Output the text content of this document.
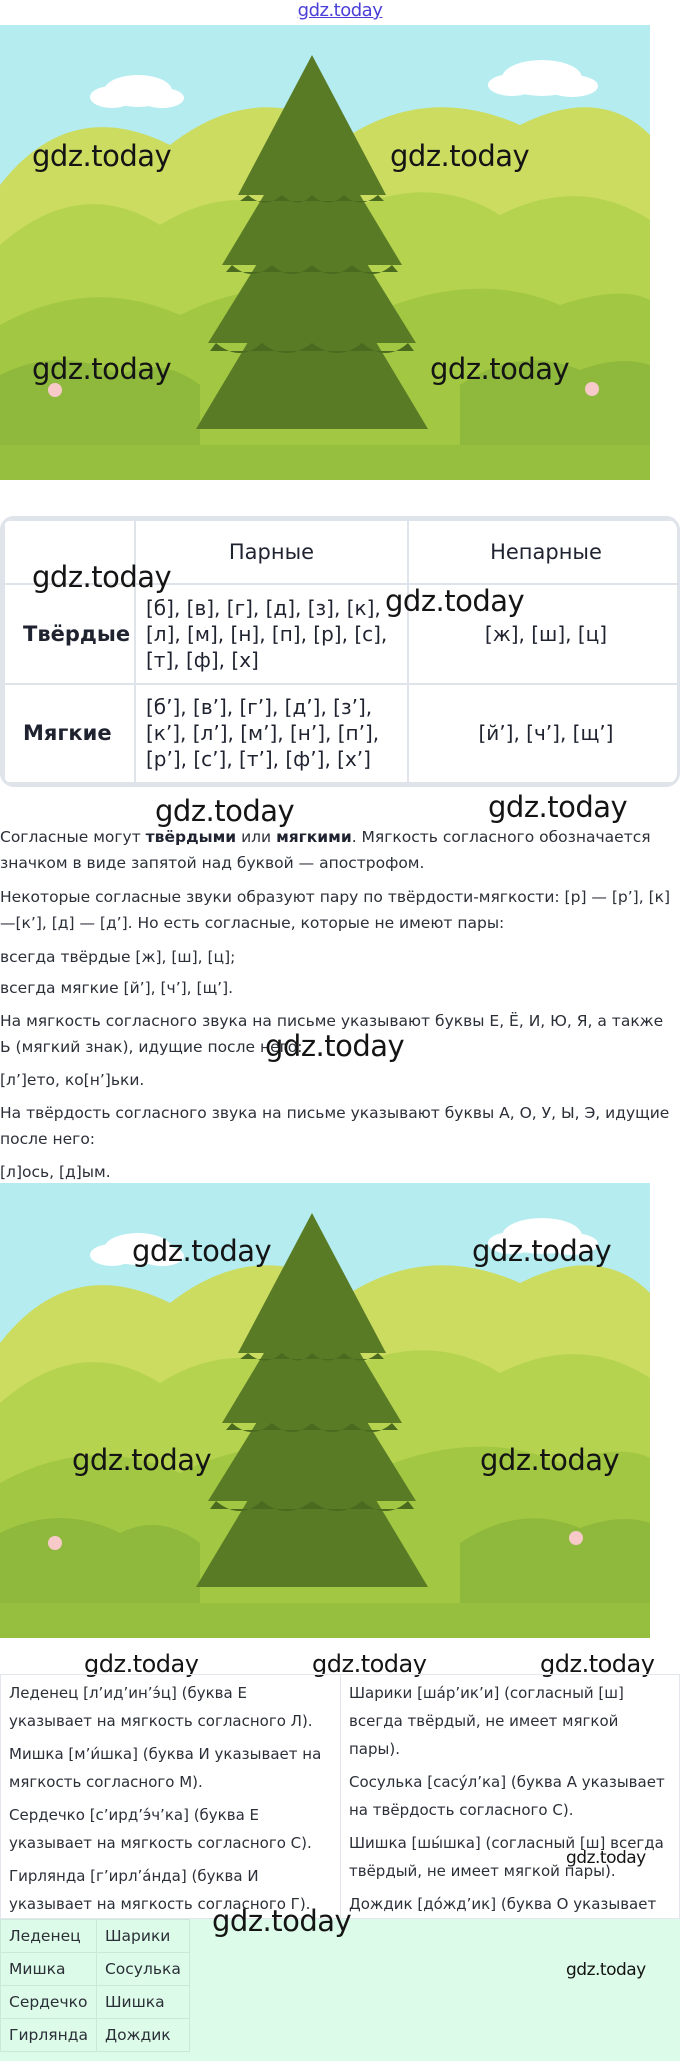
gdz.today
gdz.today	gdz.today
gdz.today	gdz.today
	Парные	Непарные
Твёрдые	[б], [в], [г], [д], [з], [к], [л], [м], [н], [п], [р], [с], [т], [ф], [х]	[ж], [ш], [ц]
Мягкие	[б’], [в’], [г’], [д’], [з’], [к’], [л’], [м’], [н’], [п’], [р’], [с’], [т’], [ф’], [х’]	[й’], [ч’], [щ’]
gdz.today
gdz.today
gdz.today	gdz.today

Согласные могут твёрдыми или мягкими. Мягкость согласного обозначается значком в виде запятой над буквой — апострофом.

Некоторые согласные звуки образуют пару по твёрдости-мягкости: [р] — [р’], [к] —[к’], [д] — [д’]. Но есть согласные, которые не имеют пары:

всегда твёрдые [ж], [ш], [ц];

всегда мягкие [й’], [ч’], [щ’].

На мягкость согласного звука на письме указывают буквы Е, Ё, И, Ю, Я, а также Ь (мягкий знак), идущие после него:

gdz.today

[л’]ето, ко[н’]ьки.

На твёрдость согласного звука на письме указывают буквы А, О, У, Ы, Э, идущие после него:

[л]ось, [д]ым.

gdz.today	gdz.today
gdz.today	gdz.today
gdz.today	gdz.today	gdz.today

Леденец [л’ид’ин’э́ц] (буква Е указывает на мягкость согласного Л).

Мишка [м’и́шка] (буква И указывает на мягкость согласного М).

Сердечко [с’ирд’э́ч’ка] (буква Е указывает на мягкость согласного С).

Гирлянда [г’ирл’а́нда] (буква И указывает на мягкость согласного Г).

Шарики [ша́р’ик’и] (согласный [ш] всегда твёрдый, не имеет мягкой пары).

Сосулька [сасу́л’ка] (буква А указывает на твёрдость согласного С).

Шишка [шы́шка] (согласный [ш] всегда твёрдый, не имеет мягкой пары).

Дождик [до́жд’ик] (буква О указывает

gdz.today
Леденец	Шарики
Мишка	Сосулька
Сердечко	Шишка
Гирлянда	Дождик
gdz.today
gdz.today
